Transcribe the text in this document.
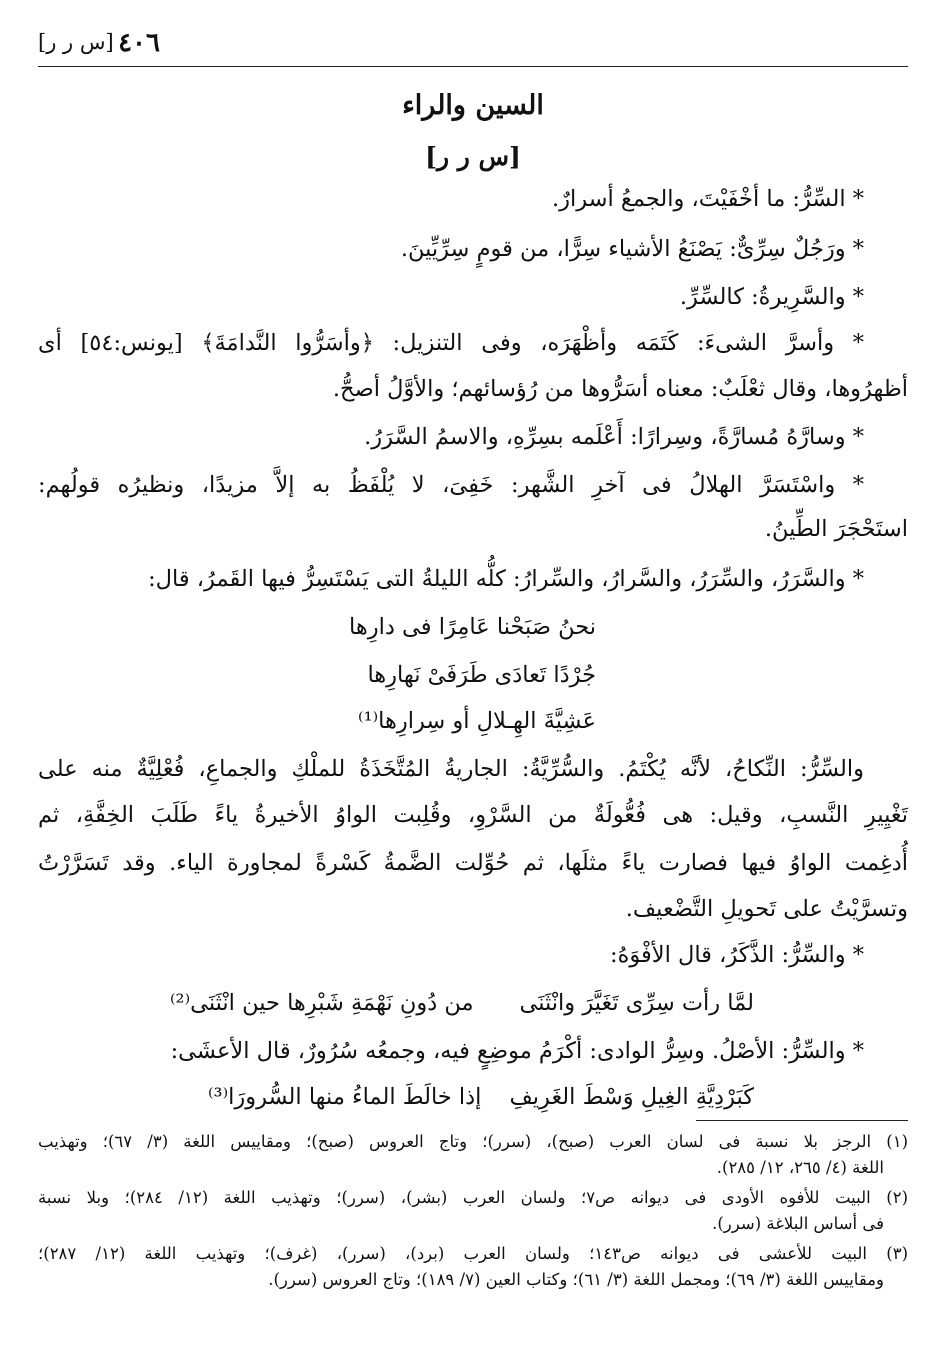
٤٠٦
[س ر ر]
السين والراء
[س ر ر]
* السِّرُّ: ما أخْفَيْتَ، والجمعُ أسرارٌ.
* ورَجُلٌ سِرِّىٌّ: يَصْنَعُ الأشياء سِرًّا، من قومٍ سِرِّيِّينَ.
* والسَّرِيرةُ: كالسِّرِّ.
* وأسرَّ الشىءَ: كَتَمَه وأظْهَرَه، وفى التنزيل: ﴿وأسَرُّوا النَّدامَةَ﴾ [يونس:٥٤] أى
أظهرُوها، وقال ثعْلَبٌ: معناه أسَرُّوها من رُؤسائهم؛ والأوَّلُ أصحُّ.
* وسارَّهُ مُسارَّةً، وسِرارًا: أَعْلَمه بسِرِّهِ، والاسمُ السَّرَرُ.
* واسْتَسَرَّ الهلالُ فى آخرِ الشَّهر: خَفِىَ، لا يُلْفَظُ به إلاَّ مزيدًا، ونظيرُه قولُهم:
استَحْجَرَ الطِّينُ.
* والسَّرَرُ، والسِّرَرُ، والسَّرارُ، والسِّرارُ: كلُّه الليلةُ التى يَسْتَسِرُّ فيها القَمرُ، قال:
نحنُ صَبَحْنا عَامِرًا فى دارِها
جُرْدًا تَعادَى طَرَفَىْ نَهارِها
عَشِيَّةَ الهِـلالِ أو سِرارِها⁽¹⁾
والسِّرُّ: النِّكاحُ، لأنَّه يُكْتَمُ. والسُّرِّيَّةُ: الجاريةُ المُتَّخَذَةُ للملْكِ والجماعِ، فُعْلِيَّةٌ منه على
تَغْيِيرِ النَّسبِ، وقيل: هى فُعُّولَةٌ من السَّرْوِ، وقُلِبت الواوُ الأخيرةُ ياءً طَلَبَ الخِفَّةِ، ثم
أُدغِمت الواوُ فيها فصارت ياءً مثلَها، ثم حُوِّلت الضَّمةُ كَسْرةً لمجاورة الياء. وقد تَسَرَّرْتُ
وتسرَّيْتُ على تَحويلِ التَّضْعيف.
* والسِّرُّ: الذَّكَرُ، قال الأفْوَهُ:
لمَّا رأت سِرِّى تَغَيَّرَ وانْثَنَى
من دُونِ نَهْمَةِ شَبْرِها حين انْثَنَى⁽²⁾
* والسِّرُّ: الأصْلُ. وسِرُّ الوادى: أكْرَمُ موضِعٍ فيه، وجمعُه سُرُورٌ، قال الأعشَى:
كَبَرْدِيَّةِ الغِيلِ وَسْطَ الغَرِيفِ
إذا خالَطَ الماءُ منها السُّرورَا⁽³⁾
(١) الرجز بلا نسبة فى لسان العرب (صبح)، (سرر)؛ وتاج العروس (صبح)؛ ومقاييس اللغة (٣/ ٦٧)؛ وتهذيب
اللغة (٤/ ٢٦٥، ١٢/ ٢٨٥).
(٢) البيت للأفوه الأودى فى ديوانه ص٧؛ ولسان العرب (بشر)، (سرر)؛ وتهذيب اللغة (١٢/ ٢٨٤)؛ وبلا نسبة
فى أساس البلاغة (سرر).
(٣) البيت للأعشى فى ديوانه ص١٤٣؛ ولسان العرب (برد)، (سرر)، (غرف)؛ وتهذيب اللغة (١٢/ ٢٨٧)؛
ومقاييس اللغة (٣/ ٦٩)؛ ومجمل اللغة (٣/ ٦١)؛ وكتاب العين (٧/ ١٨٩)؛ وتاج العروس (سرر).
